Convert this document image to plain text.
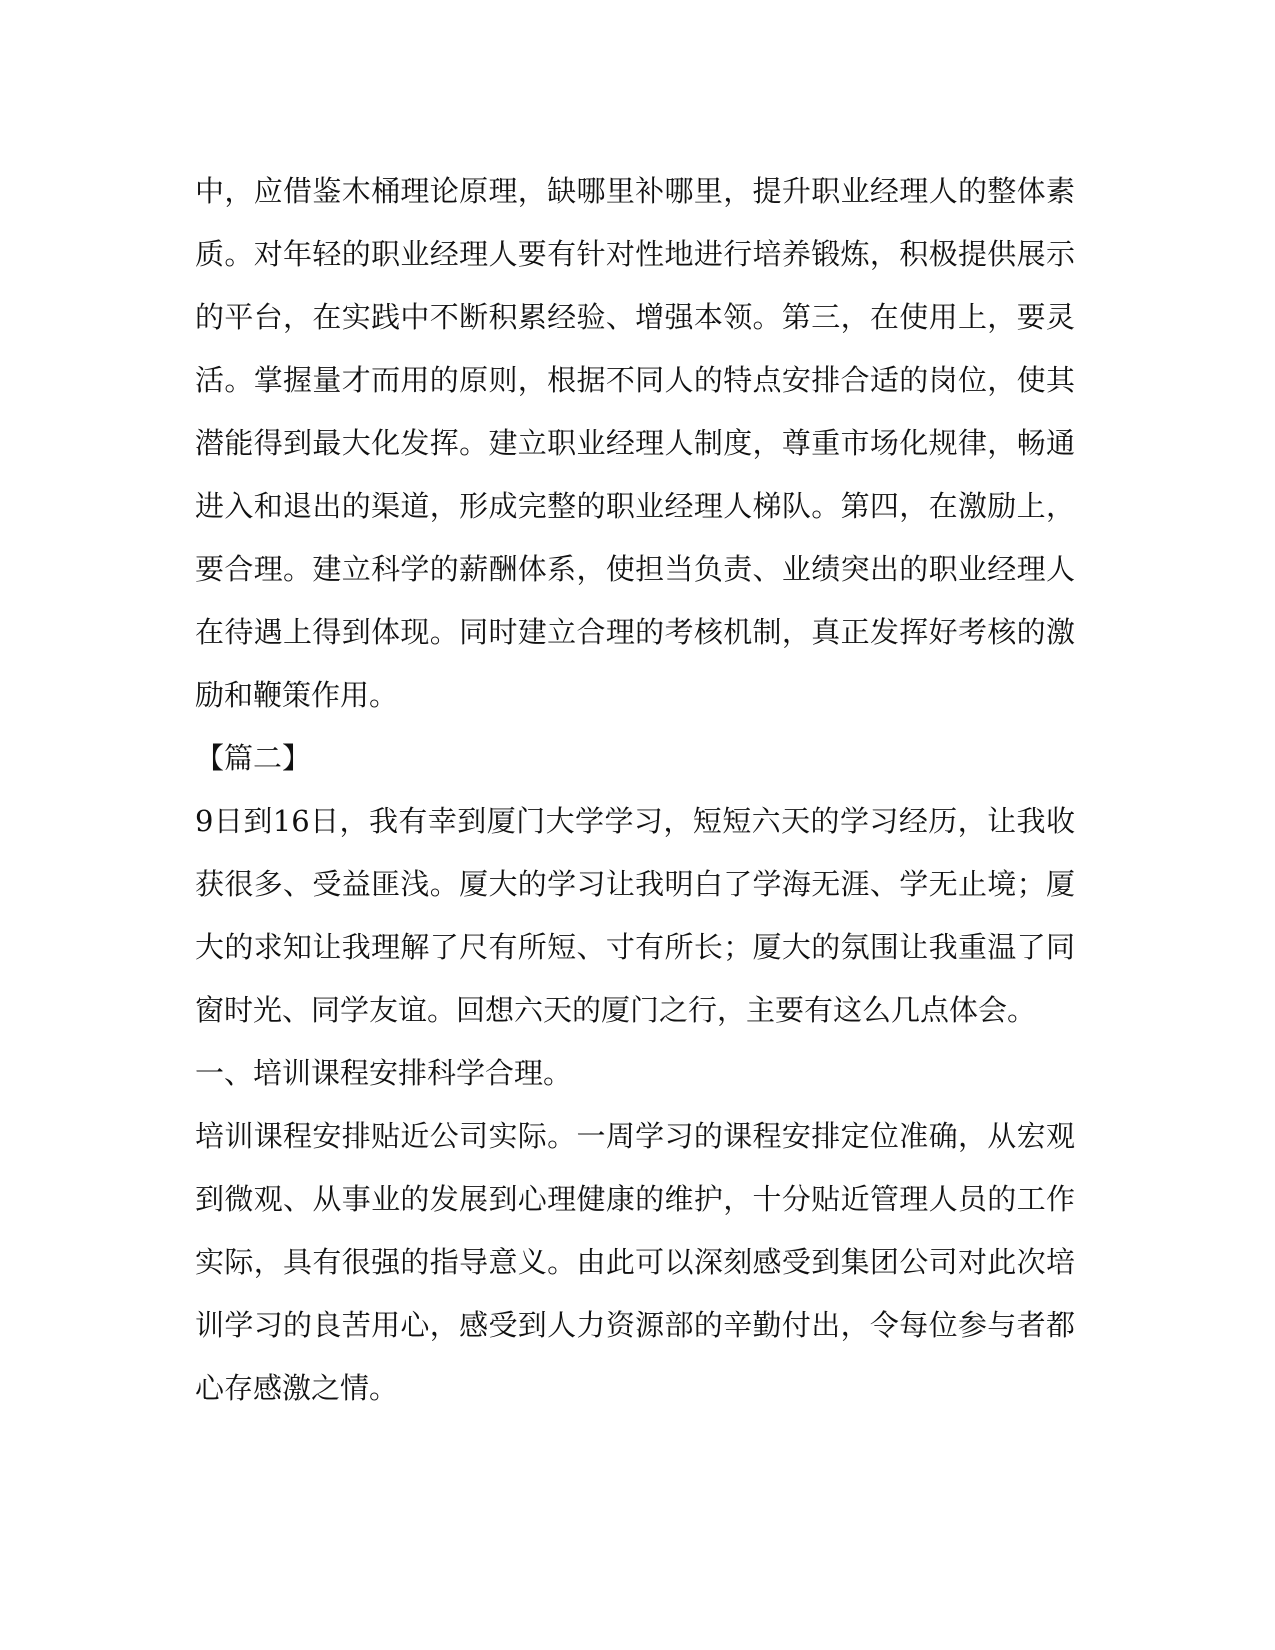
中，应借鉴木桶理论原理，缺哪里补哪里，提升职业经理人的整体素
质。对年轻的职业经理人要有针对性地进行培养锻炼，积极提供展示
的平台，在实践中不断积累经验、增强本领。第三，在使用上，要灵
活。掌握量才而用的原则，根据不同人的特点安排合适的岗位，使其
潜能得到最大化发挥。建立职业经理人制度，尊重市场化规律，畅通
进入和退出的渠道，形成完整的职业经理人梯队。第四，在激励上，
要合理。建立科学的薪酬体系，使担当负责、业绩突出的职业经理人
在待遇上得到体现。同时建立合理的考核机制，真正发挥好考核的激
励和鞭策作用。
【篇二】
9日到16日，我有幸到厦门大学学习，短短六天的学习经历，让我收
获很多、受益匪浅。厦大的学习让我明白了学海无涯、学无止境；厦
大的求知让我理解了尺有所短、寸有所长；厦大的氛围让我重温了同
窗时光、同学友谊。回想六天的厦门之行，主要有这么几点体会。
一、培训课程安排科学合理。
培训课程安排贴近公司实际。一周学习的课程安排定位准确，从宏观
到微观、从事业的发展到心理健康的维护，十分贴近管理人员的工作
实际，具有很强的指导意义。由此可以深刻感受到集团公司对此次培
训学习的良苦用心，感受到人力资源部的辛勤付出，令每位参与者都
心存感激之情。
